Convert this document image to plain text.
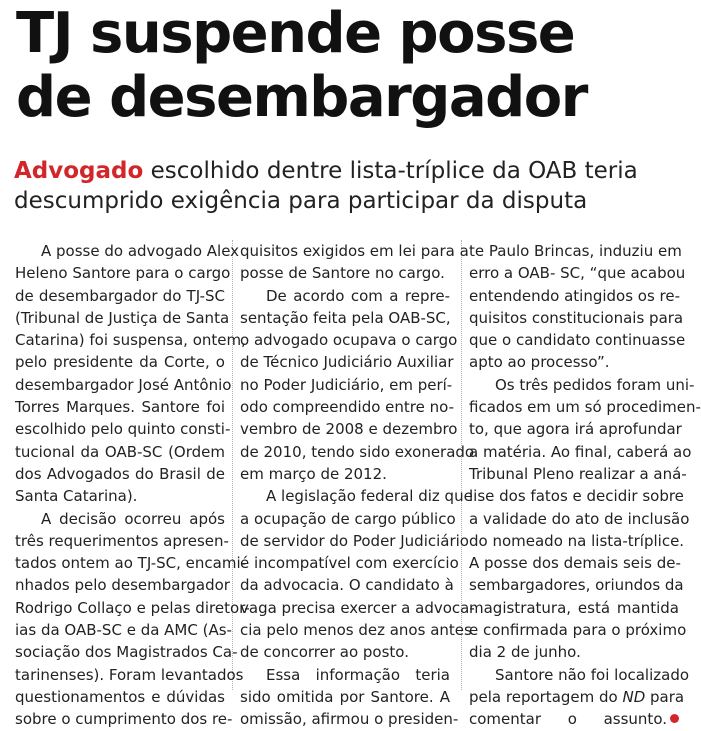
TJ suspende posse
de desembargador

Advogado escolhido dentre lista-tríplice da OAB teria
descumprido exigência para participar da disputa

A posse do advogado Alex
Heleno Santore para o cargo
de desembargador do TJ-SC
(Tribunal de Justiça de Santa
Catarina) foi suspensa, ontem,
pelo presidente da Corte, o
desembargador José Antônio
Torres Marques. Santore foi
escolhido pelo quinto consti-
tucional da OAB-SC (Ordem
dos Advogados do Brasil de
Santa Catarina).
A decisão ocorreu após
três requerimentos apresen-
tados ontem ao TJ-SC, encami-
nhados pelo desembargador
Rodrigo Collaço e pelas diretor-
ias da OAB-SC e da AMC (As-
sociação dos Magistrados Ca-
tarinenses). Foram levantados
questionamentos e dúvidas
sobre o cumprimento dos re-
quisitos exigidos em lei para a
posse de Santore no cargo.
De acordo com a repre-
sentação feita pela OAB-SC,
o advogado ocupava o cargo
de Técnico Judiciário Auxiliar
no Poder Judiciário, em perí-
odo compreendido entre no-
vembro de 2008 e dezembro
de 2010, tendo sido exonerado
em março de 2012.
A legislação federal diz que
a ocupação de cargo público
de servidor do Poder Judiciário
é incompatível com exercício
da advocacia. O candidato à
vaga precisa exercer a advoca-
cia pelo menos dez anos antes
de concorrer ao posto.
Essa informação teria
sido omitida por Santore. A
omissão, afirmou o presiden-
te Paulo Brincas, induziu em
erro a OAB- SC, “que acabou
entendendo atingidos os re-
quisitos constitucionais para
que o candidato continuasse
apto ao processo”.
Os três pedidos foram uni-
ficados em um só procedimen-
to, que agora irá aprofundar
a matéria. Ao final, caberá ao
Tribunal Pleno realizar a aná-
lise dos fatos e decidir sobre
a validade do ato de inclusão
do nomeado na lista-tríplice.
A posse dos demais seis de-
sembargadores, oriundos da
magistratura, está mantida
e confirmada para o próximo
dia 2 de junho.
Santore não foi localizado
pela reportagem do ND para
comentar o assunto.
